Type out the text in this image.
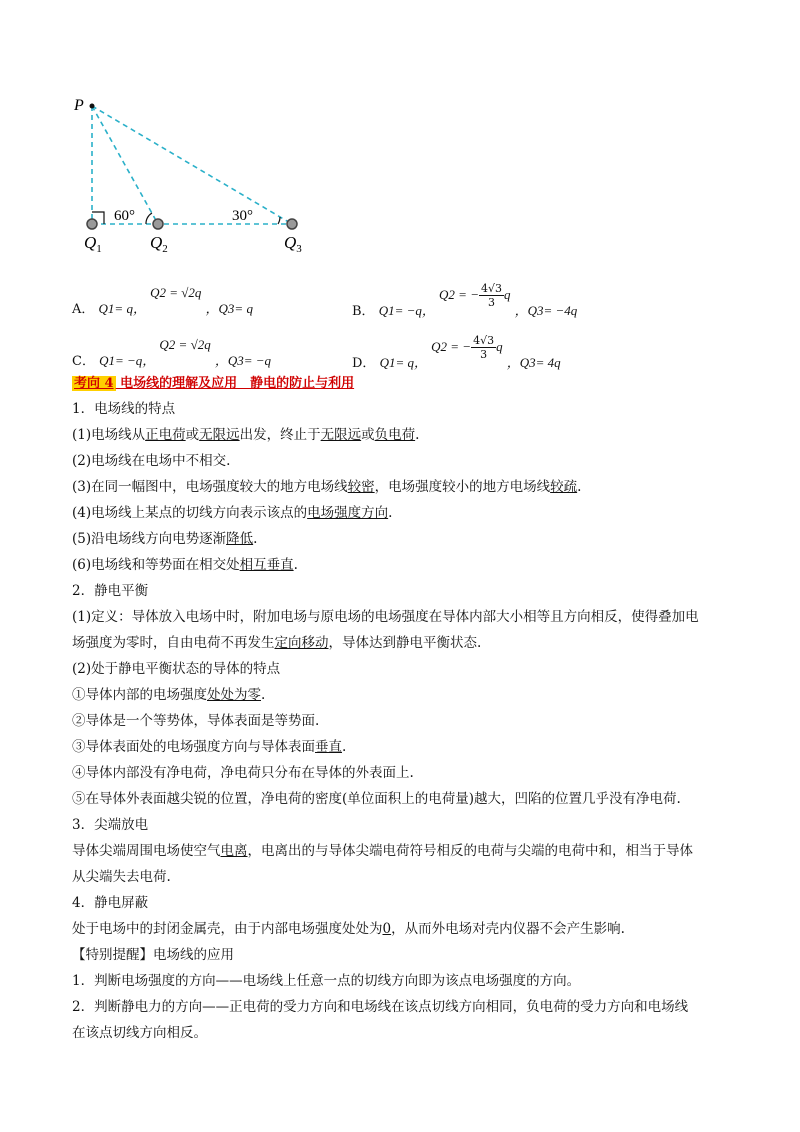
P
60°	30°
$Q_1$	$Q_2$	$Q_3$
A． Q1= q， Q2 = √2q ，Q3= q	B． Q1= −q， Q2 = − $\frac{4√3}{3}$ q ，Q3= −4q
C． Q1= −q， Q2 = √2q ，Q3= −q	D． Q1= q， Q2 = − $\frac{4√3}{3}$ q ，Q3= 4q
考向 4 电场线的理解及应用　静电的防止与利用
1．电场线的特点
(1)电场线从正电荷或无限远出发，终止于无限远或负电荷.
(2)电场线在电场中不相交.
(3)在同一幅图中，电场强度较大的地方电场线较密，电场强度较小的地方电场线较疏.
(4)电场线上某点的切线方向表示该点的电场强度方向.
(5)沿电场线方向电势逐渐降低.
(6)电场线和等势面在相交处相互垂直.
2．静电平衡
(1)定义：导体放入电场中时，附加电场与原电场的电场强度在导体内部大小相等且方向相反，使得叠加电
场强度为零时，自由电荷不再发生定向移动，导体达到静电平衡状态.
(2)处于静电平衡状态的导体的特点
①导体内部的电场强度处处为零.
②导体是一个等势体，导体表面是等势面.
③导体表面处的电场强度方向与导体表面垂直.
④导体内部没有净电荷，净电荷只分布在导体的外表面上.
⑤在导体外表面越尖锐的位置，净电荷的密度(单位面积上的电荷量)越大，凹陷的位置几乎没有净电荷.
3．尖端放电
导体尖端周围电场使空气电离，电离出的与导体尖端电荷符号相反的电荷与尖端的电荷中和，相当于导体
从尖端失去电荷.
4．静电屏蔽
处于电场中的封闭金属壳，由于内部电场强度处处为0，从而外电场对壳内仪器不会产生影响.
【特别提醒】电场线的应用
1．判断电场强度的方向——电场线上任意一点的切线方向即为该点电场强度的方向。
2．判断静电力的方向——正电荷的受力方向和电场线在该点切线方向相同，负电荷的受力方向和电场线
在该点切线方向相反。
